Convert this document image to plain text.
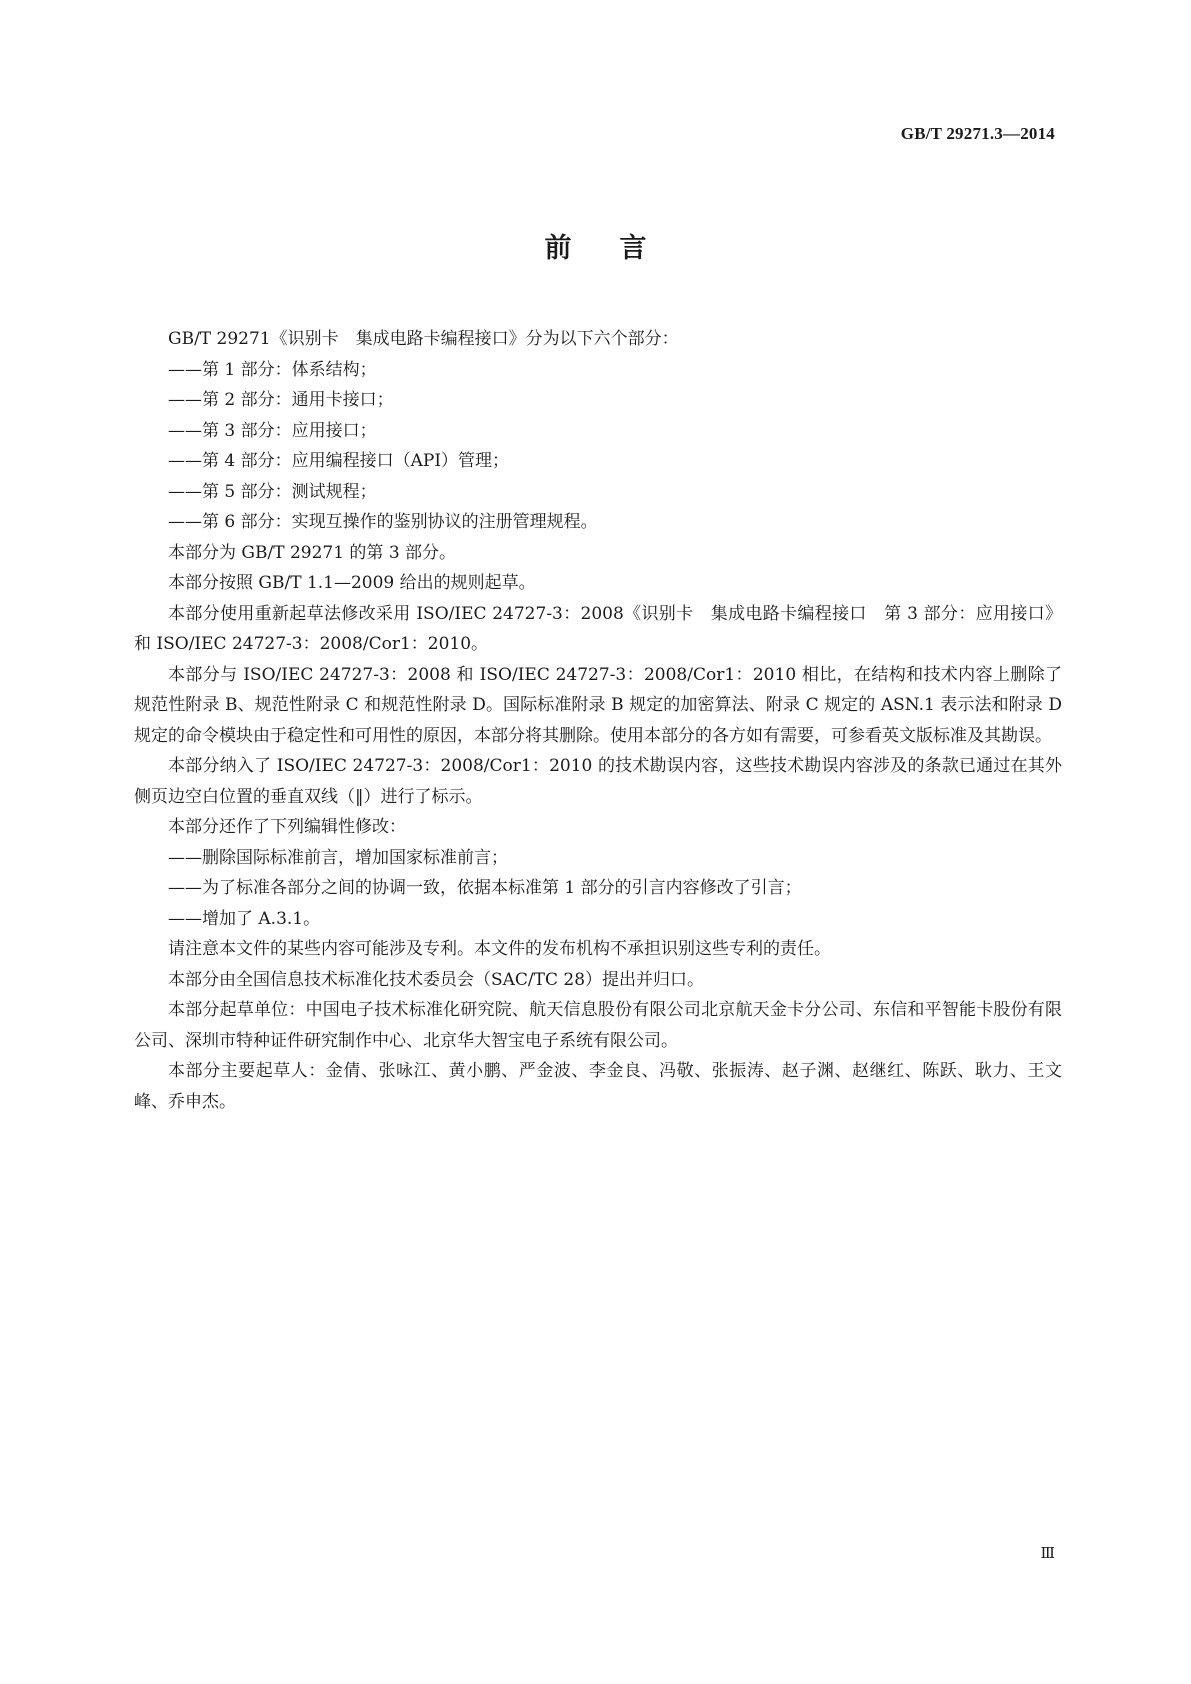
GB/T 29271.3—2014
前言

GB/T 29271《识别卡　集成电路卡编程接口》分为以下六个部分：

——第 1 部分：体系结构；

——第 2 部分：通用卡接口；

——第 3 部分：应用接口；

——第 4 部分：应用编程接口（API）管理；

——第 5 部分：测试规程；

——第 6 部分：实现互操作的鉴别协议的注册管理规程。

本部分为 GB/T 29271 的第 3 部分。

本部分按照 GB/T 1.1—2009 给出的规则起草。

本部分使用重新起草法修改采用 ISO/IEC 24727-3：2008《识别卡　集成电路卡编程接口　第 3 部分：应用接口》和 ISO/IEC 24727-3：2008/Cor1：2010。

本部分与 ISO/IEC 24727-3：2008 和 ISO/IEC 24727-3：2008/Cor1：2010 相比，在结构和技术内容上删除了规范性附录 B、规范性附录 C 和规范性附录 D。国际标准附录 B 规定的加密算法、附录 C 规定的 ASN.1 表示法和附录 D 规定的命令模块由于稳定性和可用性的原因，本部分将其删除。使用本部分的各方如有需要，可参看英文版标准及其勘误。

本部分纳入了 ISO/IEC 24727-3：2008/Cor1：2010 的技术勘误内容，这些技术勘误内容涉及的条款已通过在其外侧页边空白位置的垂直双线（‖）进行了标示。

本部分还作了下列编辑性修改：

——删除国际标准前言，增加国家标准前言；

——为了标准各部分之间的协调一致，依据本标准第 1 部分的引言内容修改了引言；

——增加了 A.3.1。

请注意本文件的某些内容可能涉及专利。本文件的发布机构不承担识别这些专利的责任。

本部分由全国信息技术标准化技术委员会（SAC/TC 28）提出并归口。

本部分起草单位：中国电子技术标准化研究院、航天信息股份有限公司北京航天金卡分公司、东信和平智能卡股份有限公司、深圳市特种证件研究制作中心、北京华大智宝电子系统有限公司。

本部分主要起草人：金倩、张咏江、黄小鹏、严金波、李金良、冯敬、张振涛、赵子渊、赵继红、陈跃、耿力、王文峰、乔申杰。

Ⅲ
